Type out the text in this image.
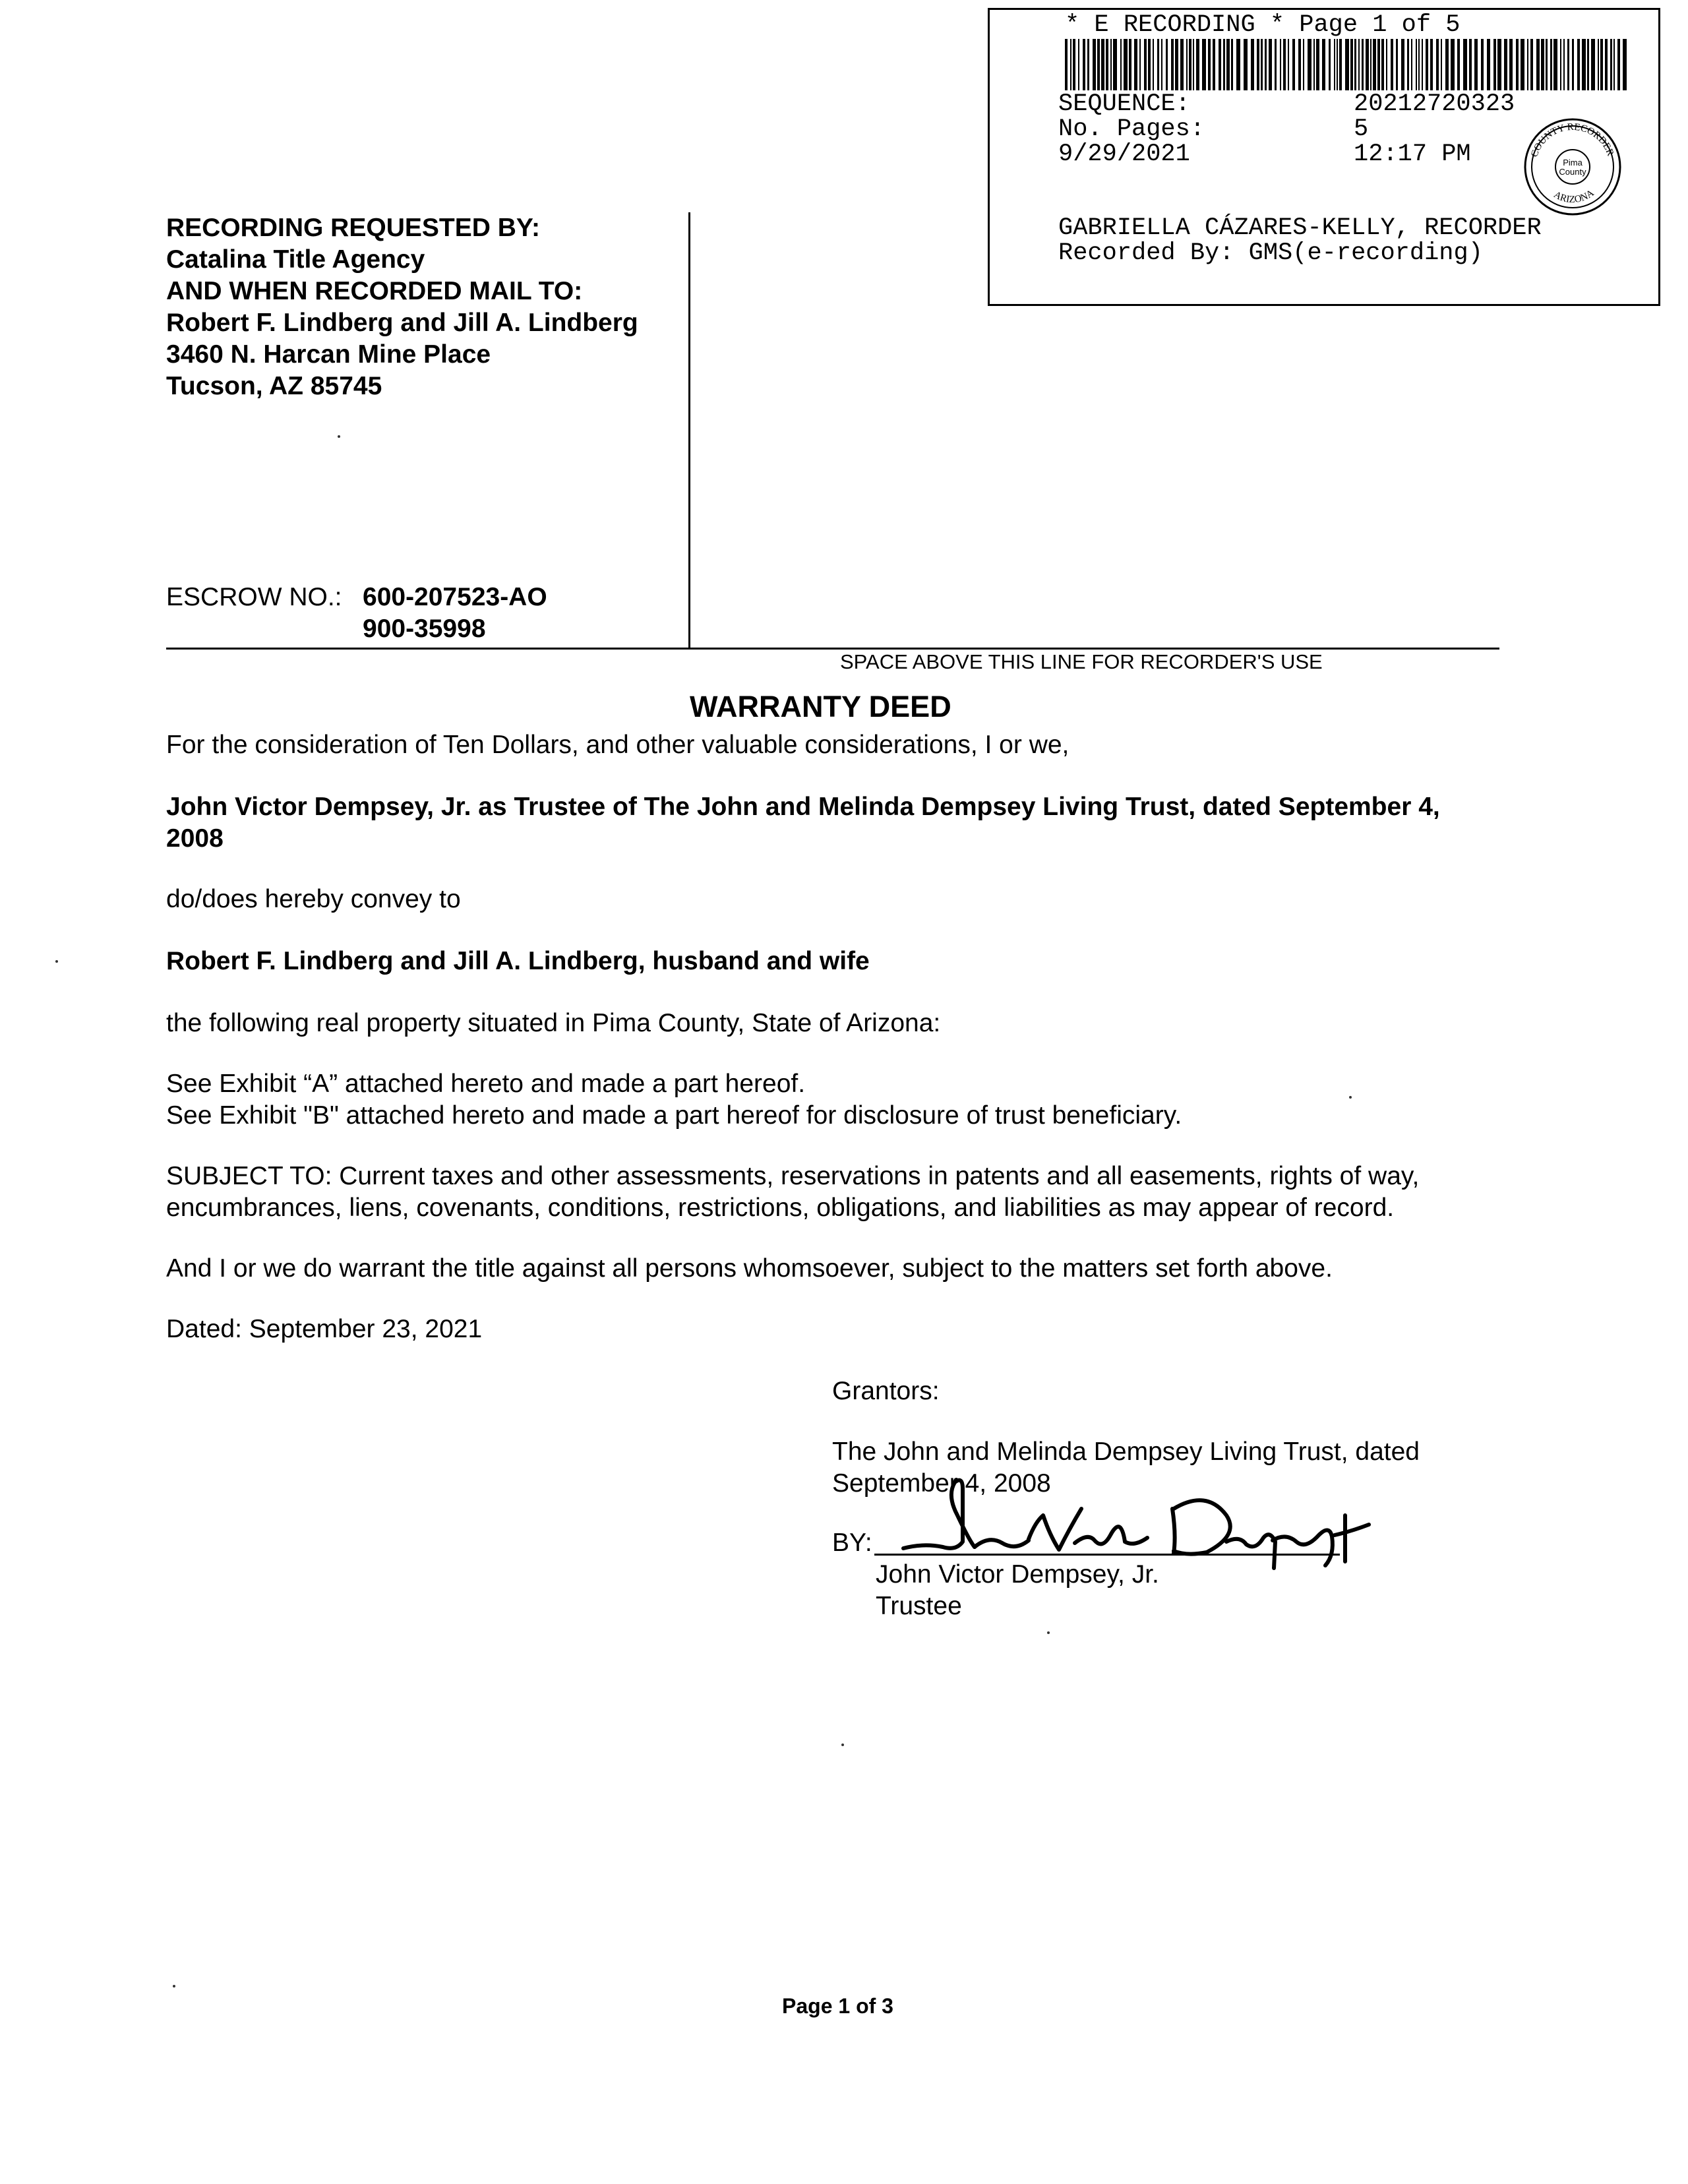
* E RECORDING * Page 1 of 5
SEQUENCE:	20212720323
No. Pages:	5
9/29/2021	12:17 PM	COUNTY RECORDER
ARIZONA
Pima
County
GABRIELLA CÁZARES-KELLY, RECORDER
Recorded By: GMS(e-recording)
RECORDING REQUESTED BY:
Catalina Title Agency
AND WHEN RECORDED MAIL TO:
Robert F. Lindberg and Jill A. Lindberg
3460 N. Harcan Mine Place
Tucson, AZ 85745
ESCROW NO.: 600-207523-AO
900-35998
SPACE ABOVE THIS LINE FOR RECORDER'S USE
WARRANTY DEED
For the consideration of Ten Dollars, and other valuable considerations, I or we,
John Victor Dempsey, Jr. as Trustee of The John and Melinda Dempsey Living Trust, dated September 4,
2008
do/does hereby convey to
Robert F. Lindberg and Jill A. Lindberg, husband and wife
the following real property situated in Pima County, State of Arizona:
See Exhibit “A” attached hereto and made a part hereof.
See Exhibit "B" attached hereto and made a part hereof for disclosure of trust beneficiary.
SUBJECT TO: Current taxes and other assessments, reservations in patents and all easements, rights of way,
encumbrances, liens, covenants, conditions, restrictions, obligations, and liabilities as may appear of record.
And I or we do warrant the title against all persons whomsoever, subject to the matters set forth above.
Dated: September 23, 2021
Grantors:
The John and Melinda Dempsey Living Trust, dated
September 4, 2008
BY:
John Victor Dempsey, Jr.
Trustee
Page 1 of 3
